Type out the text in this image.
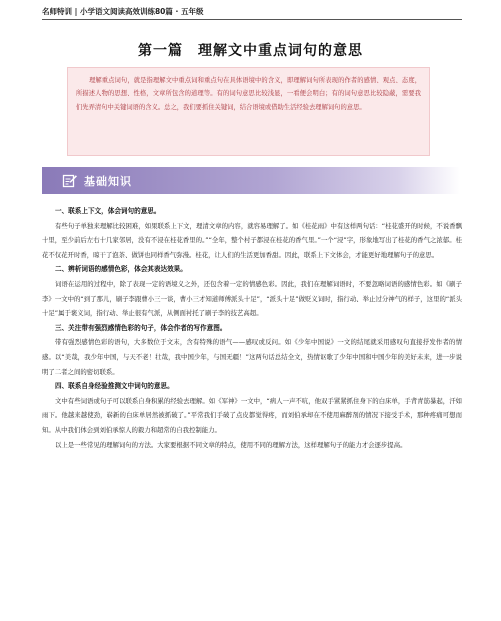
名师特训 | 小学语文阅读高效训练80篇 · 五年级
第一篇　理解文中重点词句的意思

理解重点词句，就是指理解文中重点词和重点句在具体语境中的含义，即理解词句所表现的作者的感情、观点、态度，所描述人物的思想、性格，文章所包含的道理等。有的词句意思比较浅显，一看便会明白；有的词句意思比较隐蔽，需要我们先弄清句中关键词语的含义。总之，我们要抓住关键词，结合语境或借助生活经验去理解词句的意思。

基础知识

一、联系上下文，体会词句的意思。

有些句子单独来理解比较困难，如果联系上下文，理清文章的内容，就容易理解了。如《桂花雨》中有这样两句话：“桂花盛开的时候，不说香飘十里，至少前后左右十几家邻居，没有不浸在桂花香里的。”“全年，整个村子都浸在桂花的香气里。”一个“浸”字，形象地写出了桂花的香气之浓郁。桂花不仅花开时香，晾干了泡茶、做饼也同样香气弥漫。桂花，让人们的生活更加香甜。因此，联系上下文体会，才能更好地理解句子的意思。

二、辨析词语的感情色彩，体会其表达效果。

词语在运用的过程中，除了表现一定的语境义之外，还包含着一定的情感色彩。因此，我们在理解词语时，不要忽略词语的感情色彩。如《刷子李》一文中的“到了那儿，刷子李跟曹小三一谈，曹小三才知道师傅派头十足”，“派头十足”做贬义词时，指行动、举止过分神气的样子，这里的“派头十足”属于褒义词，指行动、举止很有气派，从侧面衬托了刷子李的技艺高超。

三、关注带有强烈感情色彩的句子，体会作者的写作意图。

带有强烈感情色彩的语句，大多数位于文末，含有特殊的语气——感叹或反问。如《少年中国说》一文的结尾就采用感叹句直接抒发作者的情感。以“美哉，我少年中国，与天不老！壮哉，我中国少年，与国无疆！”这两句话总结全文，热情讴歌了少年中国和中国少年的美好未来，进一步说明了二者之间的密切联系。

四、联系自身经验推测文中词句的意思。

文中有些词语或句子可以联系自身积累的经验去理解。如《军神》一文中，“病人一声不吭，他双手紧紧抓住身下的白床单，手背青筋暴起，汗如雨下。他越来越使劲，崭新的白床单居然被抓破了。”平常我们手破了点皮都觉得疼，而刘伯承却在不使用麻醉剂的情况下接受手术，那种疼痛可想而知。从中我们体会到刘伯承惊人的毅力和超常的自我控制能力。

以上是一些常见的理解词句的方法。大家要根据不同文章的特点，使用不同的理解方法，这样理解句子的能力才会逐步提高。
